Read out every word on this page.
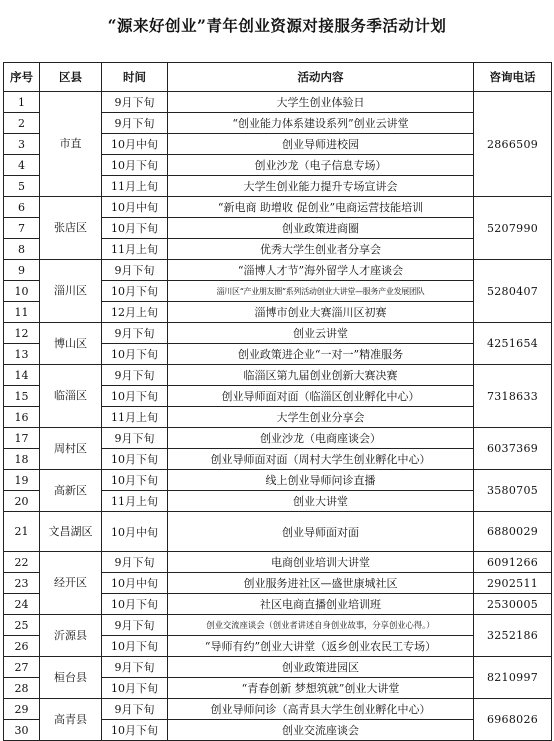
“源来好创业”青年创业资源对接服务季活动计划
序号	区县	时间	活动内容	咨询电话
1	市直	9月下旬	大学生创业体验日	2866509
2		9月下旬	“创业能力体系建设系列”创业云讲堂	
3		10月中旬	创业导师进校园	
4		10月下旬	创业沙龙（电子信息专场）	
5		11月上旬	大学生创业能力提升专场宣讲会	
6	张店区	10月中旬	“新电商 助增收 促创业”电商运营技能培训	5207990
7		10月下旬	创业政策进商圈	
8		11月上旬	优秀大学生创业者分享会	
9	淄川区	9月下旬	“淄博人才节”海外留学人才座谈会	5280407
10		10月下旬	淄川区“产业朋友圈”系列活动创业大讲堂—服务产业发展团队	
11		12月上旬	淄博市创业大赛淄川区初赛	
12	博山区	9月下旬	创业云讲堂	4251654
13		10月下旬	创业政策进企业“一对一”精准服务	
14	临淄区	9月下旬	临淄区第九届创业创新大赛决赛	7318633
15		10月下旬	创业导师面对面（临淄区创业孵化中心）	
16		11月上旬	大学生创业分享会	
17	周村区	9月下旬	创业沙龙（电商座谈会）	6037369
18		10月下旬	创业导师面对面（周村大学生创业孵化中心）	
19	高新区	10月下旬	线上创业导师问诊直播	3580705
20		11月上旬	创业大讲堂	
21	文昌湖区	10月中旬	创业导师面对面	6880029
22	经开区	9月下旬	电商创业培训大讲堂	6091266
23		10月中旬	创业服务进社区—盛世康城社区	2902511
24		10月下旬	社区电商直播创业培训班	2530005
25	沂源县	9月下旬	创业交流座谈会（创业者讲述自身创业故事，分享创业心得。）	3252186
26		10月下旬	“导师有约”创业大讲堂（返乡创业农民工专场）	
27	桓台县	9月下旬	创业政策进园区	8210997
28		10月下旬	“青春创新 梦想筑就”创业大讲堂	
29	高青县	9月下旬	创业导师问诊（高青县大学生创业孵化中心）	6968026
30		10月下旬	创业交流座谈会	
